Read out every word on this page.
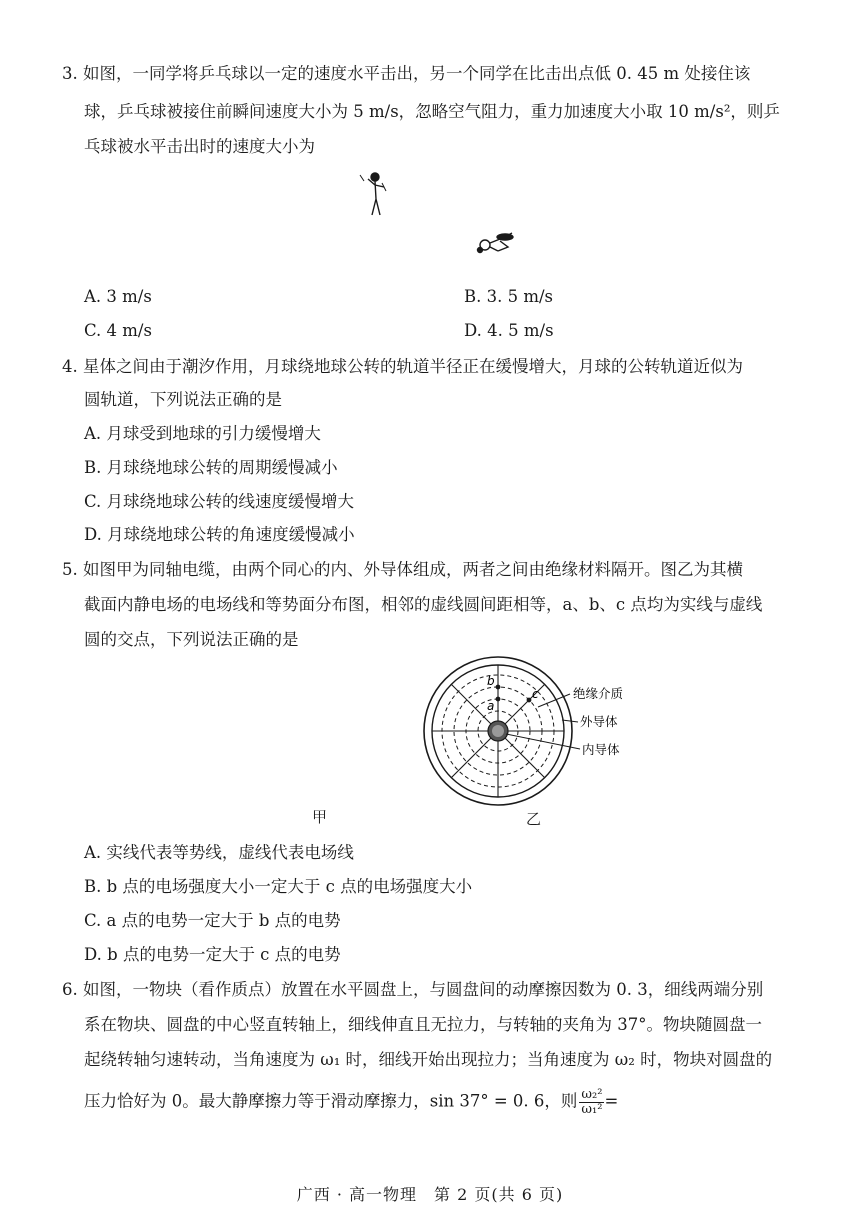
3. 如图，一同学将乒乓球以一定的速度水平击出，另一个同学在比击出点低 0. 45 m 处接住该
球，乒乓球被接住前瞬间速度大小为 5 m/s，忽略空气阻力，重力加速度大小取 10 m/s²，则乒
乓球被水平击出时的速度大小为
A. 3 m/s	B. 3. 5 m/s
C. 4 m/s	D. 4. 5 m/s
4. 星体之间由于潮汐作用，月球绕地球公转的轨道半径正在缓慢增大，月球的公转轨道近似为
圆轨道，下列说法正确的是
A. 月球受到地球的引力缓慢增大
B. 月球绕地球公转的周期缓慢减小
C. 月球绕地球公转的线速度缓慢增大
D. 月球绕地球公转的角速度缓慢减小
5. 如图甲为同轴电缆，由两个同心的内、外导体组成，两者之间由绝缘材料隔开。图乙为其横
截面内静电场的电场线和等势面分布图，相邻的虚线圆间距相等，a、b、c 点均为实线与虚线
圆的交点，下列说法正确的是
a
b
c	绝缘介质
外导体
内导体
甲	乙
A. 实线代表等势线，虚线代表电场线
B. b 点的电场强度大小一定大于 c 点的电场强度大小
C. a 点的电势一定大于 b 点的电势
D. b 点的电势一定大于 c 点的电势
6. 如图，一物块（看作质点）放置在水平圆盘上，与圆盘间的动摩擦因数为 0. 3，细线两端分别
系在物块、圆盘的中心竖直转轴上，细线伸直且无拉力，与转轴的夹角为 37°。物块随圆盘一
起绕转轴匀速转动，当角速度为 ω₁ 时，细线开始出现拉力；当角速度为 ω₂ 时，物块对圆盘的
压力恰好为 0。最大静摩擦力等于滑动摩擦力，sin 37° = 0. 6，则 $\frac{\text{ω₂²}}{\text{ω₁²}}$ =
广西 · 高一物理　第 2 页(共 6 页)
